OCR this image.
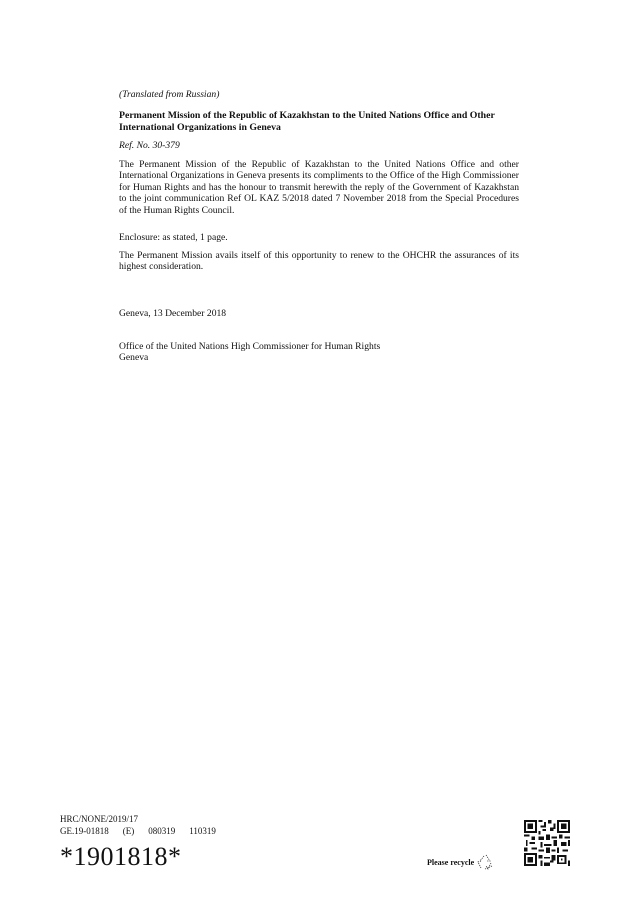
(Translated from Russian)
Permanent Mission of the Republic of Kazakhstan to the United Nations Office and Other International Organizations in Geneva
Ref. No. 30-379
The Permanent Mission of the Republic of Kazakhstan to the United Nations Office and other International Organizations in Geneva presents its compliments to the Office of the High Commissioner for Human Rights and has the honour to transmit herewith the reply of the Government of Kazakhstan to the joint communication Ref OL KAZ 5/2018 dated 7 November 2018 from the Special Procedures of the Human Rights Council.
Enclosure: as stated, 1 page.
The Permanent Mission avails itself of this opportunity to renew to the OHCHR the assurances of its highest consideration.
Geneva, 13 December 2018
Office of the United Nations High Commissioner for Human Rights
Geneva
HRC/NONE/2019/17
GE.19-01818 (E) 080319 110319
*1901818*	Please recycle
